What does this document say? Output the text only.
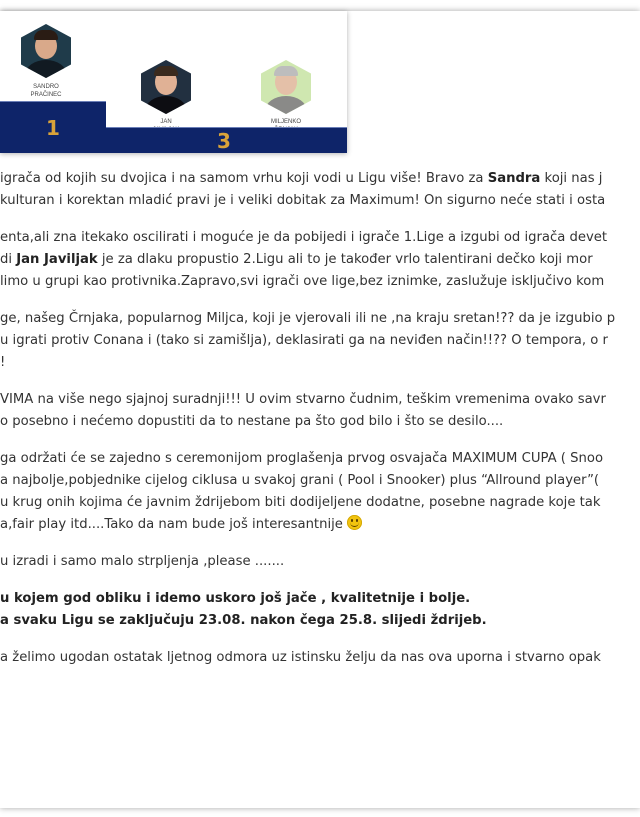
SANDRO
PRAČINEC
1	JAN	MILJENKO
3

igrača od kojih su dvojica i na samom vrhu koji vodi u Ligu više! Bravo za Sandra koji nas j
kulturan i korektan mladić pravi je i veliki dobitak za Maximum! On sigurno neće stati i osta

enta,ali zna itekako oscilirati i moguće je da pobijedi i igrače 1.Lige a izgubi od igrača devet
di Jan Javiljak je za dlaku propustio 2.Ligu ali to je također vrlo talentirani dečko koji mor
limo u grupi kao protivnika.Zapravo,svi igrači ove lige,bez iznimke, zaslužuje isključivo kom

ge, našeg Črnjaka, popularnog Miljca, koji je vjerovali ili ne ,na kraju sretan!?? da je izgubio p
u igrati protiv Conana i (tako si zamišlja), deklasirati ga na neviđen način!!?? O tempora, o r
!

VIMA na više nego sjajnoj suradnji!!! U ovim stvarno čudnim, teškim vremenima ovako savr
o posebno i nećemo dopustiti da to nestane pa što god bilo i što se desilo....

ga održati će se zajedno s ceremonijom proglašenja prvog osvajača MAXIMUM CUPA ( Snoo
a najbolje,pobjednike cijelog ciklusa u svakoj grani ( Pool i Snooker) plus “Allround player”(
u krug onih kojima će javnim ždrijebom biti dodijeljene dodatne, posebne nagrade koje tak
a,fair play itd....Tako da nam bude još interesantnije

u izradi i samo malo strpljenja ,please .......

u kojem god obliku i idemo uskoro još jače , kvalitetnije i bolje.
a svaku Ligu se zaključuju 23.08. nakon čega 25.8. slijedi ždrijeb.

a želimo ugodan ostatak ljetnog odmora uz istinsku želju da nas ova uporna i stvarno opak
